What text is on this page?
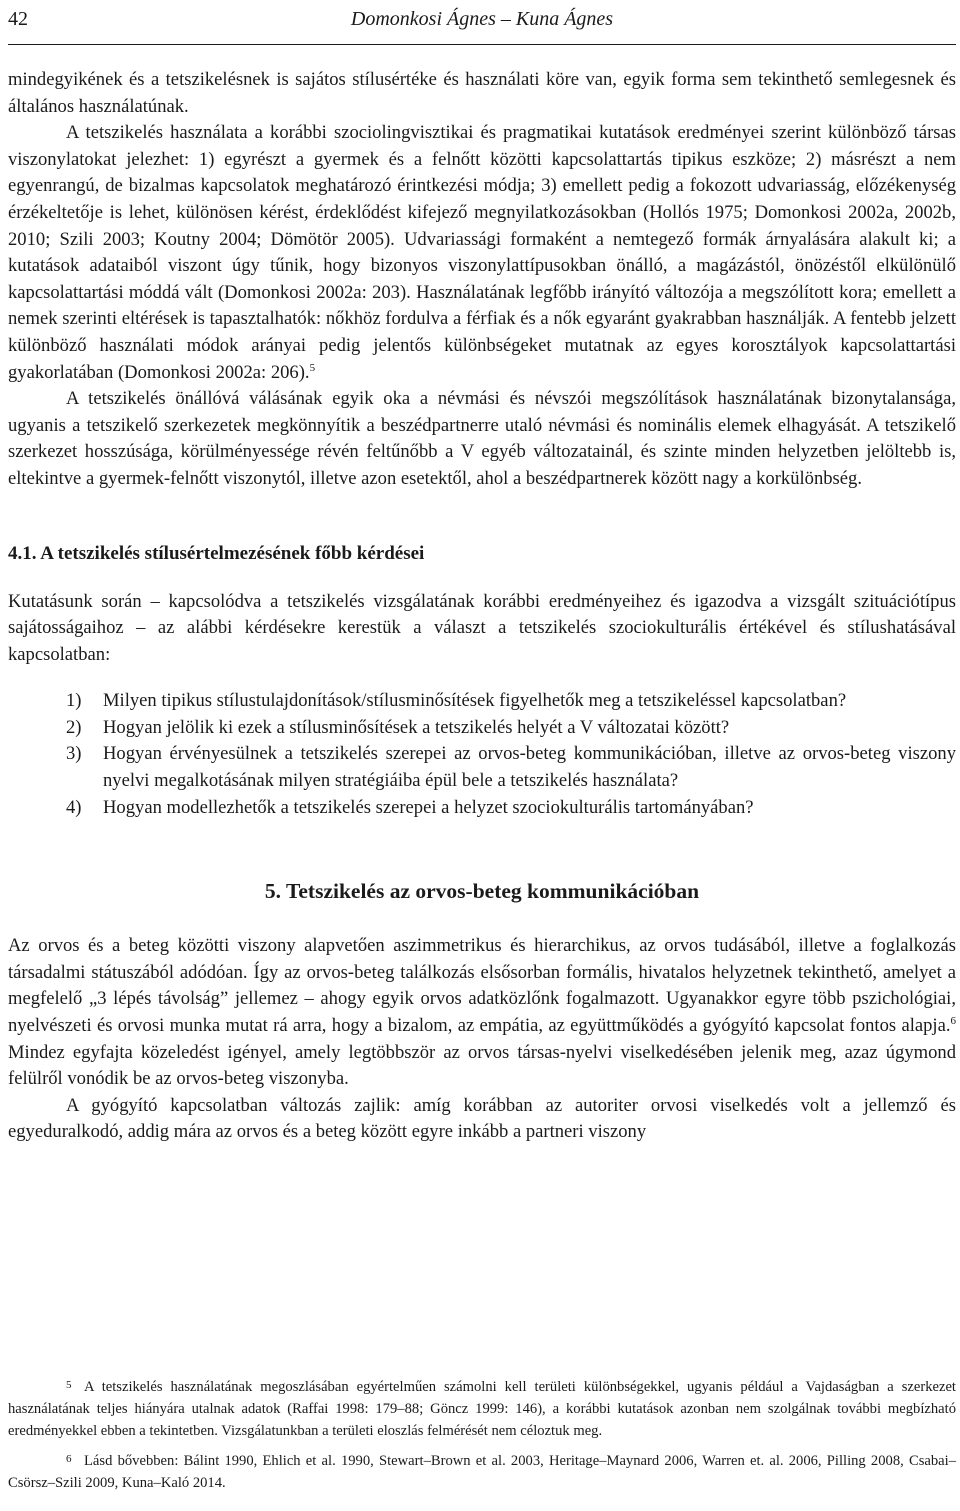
42	Domonkosi Ágnes – Kuna Ágnes

mindegyikének és a tetszikelésnek is sajátos stílusértéke és használati köre van, egyik forma sem tekinthető semlegesnek és általános használatúnak.

A tetszikelés használata a korábbi szociolingvisztikai és pragmatikai kutatások eredményei szerint különböző társas viszonylatokat jelezhet: 1) egyrészt a gyermek és a felnőtt közötti kapcsolattartás tipikus eszköze; 2) másrészt a nem egyenrangú, de bizalmas kapcsolatok meghatározó érintkezési módja; 3) emellett pedig a fokozott udvariasság, előzékenység érzékeltetője is lehet, különösen kérést, érdeklődést kifejező megnyilatkozásokban (Hollós 1975; Domonkosi 2002a, 2002b, 2010; Szili 2003; Koutny 2004; Dömötör 2005). Udvariassági formaként a nemtegező formák árnyalására alakult ki; a kutatások adataiból viszont úgy tűnik, hogy bizonyos viszonylattípusokban önálló, a magázástól, önözéstől elkülönülő kapcsolattartási móddá vált (Domonkosi 2002a: 203). Használatának legfőbb irányító változója a megszólított kora; emellett a nemek szerinti eltérések is tapasztalhatók: nőkhöz fordulva a férfiak és a nők egyaránt gyakrabban használják. A fentebb jelzett különböző használati módok arányai pedig jelentős különbségeket mutatnak az egyes korosztályok kapcsolattartási gyakorlatában (Domonkosi 2002a: 206).$^5$

A tetszikelés önállóvá válásának egyik oka a névmási és névszói megszólítások használatának bizonytalansága, ugyanis a tetszikelő szerkezetek megkönnyítik a beszédpartnerre utaló névmási és nominális elemek elhagyását. A tetszikelő szerkezet hosszúsága, körülményessége révén feltűnőbb a V egyéb változatainál, és szinte minden helyzetben jelöltebb is, eltekintve a gyermek-felnőtt viszonytól, illetve azon esetektől, ahol a beszédpartnerek között nagy a korkülönbség.

4.1. A tetszikelés stílusértelmezésének főbb kérdései

Kutatásunk során – kapcsolódva a tetszikelés vizsgálatának korábbi eredményeihez és igazodva a vizsgált szituációtípus sajátosságaihoz – az alábbi kérdésekre kerestük a választ a tetszikelés szociokulturális értékével és stílushatásával kapcsolatban:

1) Milyen tipikus stílustulajdonítások/stílusminősítések figyelhetők meg a tetszikeléssel kapcsolatban?
2) Hogyan jelölik ki ezek a stílusminősítések a tetszikelés helyét a V változatai között?
3) Hogyan érvényesülnek a tetszikelés szerepei az orvos-beteg kommunikációban, illetve az orvos-beteg viszony nyelvi megalkotásának milyen stratégiáiba épül bele a tetszikelés használata?
4) Hogyan modellezhetők a tetszikelés szerepei a helyzet szociokulturális tartományában?
5. Tetszikelés az orvos-beteg kommunikációban

Az orvos és a beteg közötti viszony alapvetően aszimmetrikus és hierarchikus, az orvos tudásából, illetve a foglalkozás társadalmi státuszából adódóan. Így az orvos-beteg találkozás elsősorban formális, hivatalos helyzetnek tekinthető, amelyet a megfelelő „3 lépés távolság” jellemez – ahogy egyik orvos adatközlőnk fogalmazott. Ugyanakkor egyre több pszichológiai, nyelvészeti és orvosi munka mutat rá arra, hogy a bizalom, az empátia, az együttműködés a gyógyító kapcsolat fontos alapja.$^6$ Mindez egyfajta közeledést igényel, amely legtöbbször az orvos társas-nyelvi viselkedésében jelenik meg, azaz úgymond felülről vonódik be az orvos-beteg viszonyba.

A gyógyító kapcsolatban változás zajlik: amíg korábban az autoriter orvosi viselkedés volt a jellemző és egyeduralkodó, addig mára az orvos és a beteg között egyre inkább a partneri viszony

5 A tetszikelés használatának megoszlásában egyértelműen számolni kell területi különbségekkel, ugyanis például a Vajdaságban a szerkezet használatának teljes hiányára utalnak adatok (Raffai 1998: 179–88; Göncz 1999: 146), a korábbi kutatások azonban nem szolgálnak további megbízható eredményekkel ebben a tekintetben. Vizsgálatunkban a területi eloszlás felmérését nem céloztuk meg.

6 Lásd bővebben: Bálint 1990, Ehlich et al. 1990, Stewart–Brown et al. 2003, Heritage–Maynard 2006, Warren et. al. 2006, Pilling 2008, Csabai–Csörsz–Szili 2009, Kuna–Kaló 2014.
